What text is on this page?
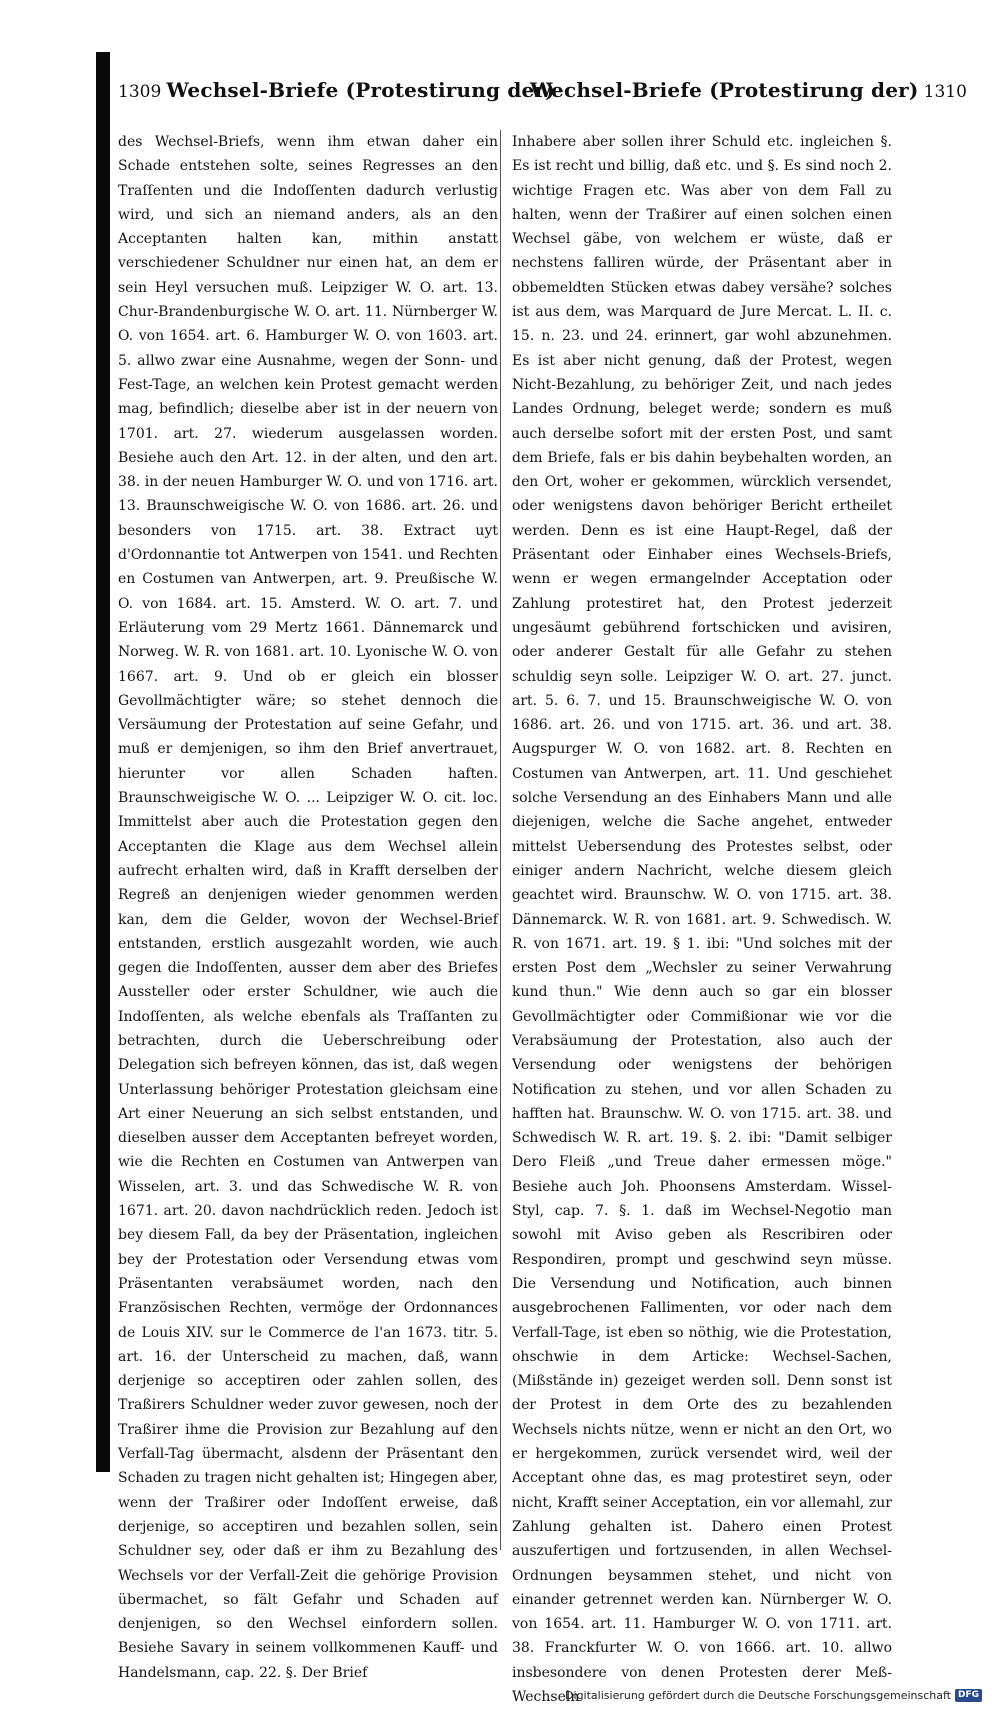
1309 Wechsel-Briefe (Protestirung der)
Wechsel-Briefe (Protestirung der) 1310

des Wechsel-Briefs, wenn ihm etwan daher ein Schade entstehen solte, seines Regresses an den Traſſenten und die Indoſſenten dadurch verlustig wird, und sich an niemand anders, als an den Acceptanten halten kan, mithin anstatt verschiedener Schuldner nur einen hat, an dem er sein Heyl versuchen muß. Leipziger W. O. art. 13. Chur-Brandenburgische W. O. art. 11. Nürnberger W. O. von 1654. art. 6. Hamburger W. O. von 1603. art. 5. allwo zwar eine Ausnahme, wegen der Sonn- und Fest-Tage, an welchen kein Protest gemacht werden mag, befindlich; dieselbe aber ist in der neuern von 1701. art. 27. wiederum ausgelassen worden. Besiehe auch den Art. 12. in der alten, und den art. 38. in der neuen Hamburger W. O. und von 1716. art. 13. Braunschweigische W. O. von 1686. art. 26. und besonders von 1715. art. 38. Extract uyt d'Ordonnantie tot Antwerpen von 1541. und Rechten en Costumen van Antwerpen, art. 9. Preußische W. O. von 1684. art. 15. Amsterd. W. O. art. 7. und Erläuterung vom 29 Mertz 1661. Dännemarck und Norweg. W. R. von 1681. art. 10. Lyonische W. O. von 1667. art. 9. Und ob er gleich ein blosser Gevollmächtigter wäre; so stehet dennoch die Versäumung der Protestation auf seine Gefahr, und muß er demjenigen, so ihm den Brief anvertrauet, hierunter vor allen Schaden haften. Braunschweigische W. O. ... Leipziger W. O. cit. loc. Immittelst aber auch die Protestation gegen den Acceptanten die Klage aus dem Wechsel allein aufrecht erhalten wird, daß in Krafft derselben der Regreß an denjenigen wieder genommen werden kan, dem die Gelder, wovon der Wechsel-Brief entstanden, erstlich ausgezahlt worden, wie auch gegen die Indoſſenten, ausser dem aber des Briefes Aussteller oder erster Schuldner, wie auch die Indoſſenten, als welche ebenfals als Traſſanten zu betrachten, durch die Ueberschreibung oder Delegation sich befreyen können, das ist, daß wegen Unterlassung behöriger Protestation gleichsam eine Art einer Neuerung an sich selbst entstanden, und dieselben ausser dem Acceptanten befreyet worden, wie die Rechten en Costumen van Antwerpen van Wisselen, art. 3. und das Schwedische W. R. von 1671. art. 20. davon nachdrücklich reden. Jedoch ist bey diesem Fall, da bey der Präsentation, ingleichen bey der Protestation oder Versendung etwas vom Präsentanten verabsäumet worden, nach den Französischen Rechten, vermöge der Ordonnances de Louis XIV. sur le Commerce de l'an 1673. titr. 5. art. 16. der Unterscheid zu machen, daß, wann derjenige so acceptiren oder zahlen sollen, des Traßirers Schuldner weder zuvor gewesen, noch der Traßirer ihme die Provision zur Bezahlung auf den Verfall-Tag übermacht, alsdenn der Präsentant den Schaden zu tragen nicht gehalten ist; Hingegen aber, wenn der Traßirer oder Indoſſent erweise, daß derjenige, so acceptiren und bezahlen sollen, sein Schuldner sey, oder daß er ihm zu Bezahlung des Wechsels vor der Verfall-Zeit die gehörige Provision übermachet, so fält Gefahr und Schaden auf denjenigen, so den Wechsel einfordern sollen. Besiehe Savary in seinem vollkommenen Kauff- und Handelsmann, cap. 22. §. Der Brief

Inhabere aber sollen ihrer Schuld etc. ingleichen §. Es ist recht und billig, daß etc. und §. Es sind noch 2. wichtige Fragen etc. Was aber von dem Fall zu halten, wenn der Traßirer auf einen solchen einen Wechsel gäbe, von welchem er wüste, daß er nechstens falliren würde, der Präsentant aber in obbemeldten Stücken etwas dabey versähe? solches ist aus dem, was Marquard de Jure Mercat. L. II. c. 15. n. 23. und 24. erinnert, gar wohl abzunehmen. Es ist aber nicht genung, daß der Protest, wegen Nicht-Bezahlung, zu behöriger Zeit, und nach jedes Landes Ordnung, beleget werde; sondern es muß auch derselbe sofort mit der ersten Post, und samt dem Briefe, fals er bis dahin beybehalten worden, an den Ort, woher er gekommen, würcklich versendet, oder wenigstens davon behöriger Bericht ertheilet werden. Denn es ist eine Haupt-Regel, daß der Präsentant oder Einhaber eines Wechsels-Briefs, wenn er wegen ermangelnder Acceptation oder Zahlung protestiret hat, den Protest jederzeit ungesäumt gebührend fortschicken und avisiren, oder anderer Gestalt für alle Gefahr zu stehen schuldig seyn solle. Leipziger W. O. art. 27. junct. art. 5. 6. 7. und 15. Braunschweigische W. O. von 1686. art. 26. und von 1715. art. 36. und art. 38. Augspurger W. O. von 1682. art. 8. Rechten en Costumen van Antwerpen, art. 11. Und geschiehet solche Versendung an des Einhabers Mann und alle diejenigen, welche die Sache angehet, entweder mittelst Uebersendung des Protestes selbst, oder einiger andern Nachricht, welche diesem gleich geachtet wird. Braunschw. W. O. von 1715. art. 38. Dännemarck. W. R. von 1681. art. 9. Schwedisch. W. R. von 1671. art. 19. § 1. ibi: "Und solches mit der ersten Post dem „Wechsler zu seiner Verwahrung kund thun." Wie denn auch so gar ein blosser Gevollmächtigter oder Commißionar wie vor die Verabsäumung der Protestation, also auch der Versendung oder wenigstens der behörigen Notification zu stehen, und vor allen Schaden zu hafften hat. Braunschw. W. O. von 1715. art. 38. und Schwedisch W. R. art. 19. §. 2. ibi: "Damit selbiger Dero Fleiß „und Treue daher ermessen möge." Besiehe auch Joh. Phoonsens Amsterdam. Wissel-Styl, cap. 7. §. 1. daß im Wechsel-Negotio man sowohl mit Aviso geben als Rescribiren oder Respondiren, prompt und geschwind seyn müsse. Die Versendung und Notification, auch binnen ausgebrochenen Fallimenten, vor oder nach dem Verfall-Tage, ist eben so nöthig, wie die Protestation, ohschwie in dem Articke: Wechsel-Sachen, (Mißstände in) gezeiget werden soll. Denn sonst ist der Protest in dem Orte des zu bezahlenden Wechsels nichts nütze, wenn er nicht an den Ort, wo er hergekommen, zurück versendet wird, weil der Acceptant ohne das, es mag protestiret seyn, oder nicht, Krafft seiner Acceptation, ein vor allemahl, zur Zahlung gehalten ist. Dahero einen Protest auszufertigen und fortzusenden, in allen Wechsel-Ordnungen beysammen stehet, und nicht von einander getrennet werden kan. Nürnberger W. O. von 1654. art. 11. Hamburger W. O. von 1711. art. 38. Franckfurter W. O. von 1666. art. 10. allwo insbesondere von denen Protesten derer Meß-Wechseln

Digitalisierung gefördert durch die Deutsche Forschungsgemeinschaft DFG
